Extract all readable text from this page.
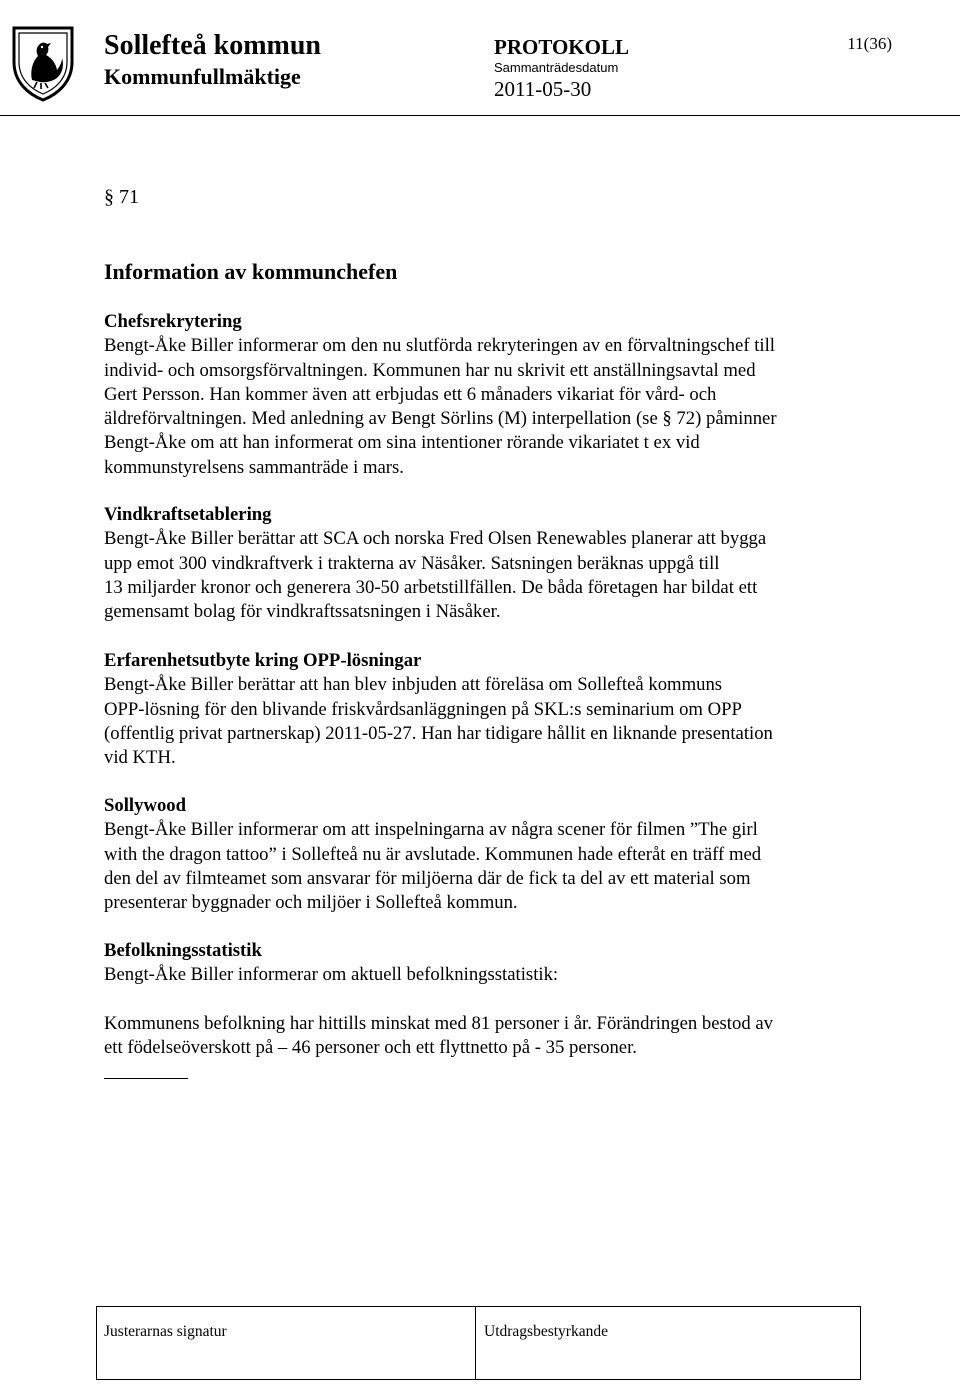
Sollefteå kommun
Kommunfullmäktige
PROTOKOLL
Sammanträdesdatum
2011-05-30
11(36)
§ 71
Information av kommunchefen
Chefsrekrytering
Bengt-Åke Biller informerar om den nu slutförda rekryteringen av en förvaltningschef till
individ- och omsorgsförvaltningen. Kommunen har nu skrivit ett anställningsavtal med
Gert Persson. Han kommer även att erbjudas ett 6 månaders vikariat för vård- och
äldreförvaltningen. Med anledning av Bengt Sörlins (M) interpellation (se § 72) påminner
Bengt-Åke om att han informerat om sina intentioner rörande vikariatet t ex vid
kommunstyrelsens sammanträde i mars.
Vindkraftsetablering
Bengt-Åke Biller berättar att SCA och norska Fred Olsen Renewables planerar att bygga
upp emot 300 vindkraftverk i trakterna av Näsåker. Satsningen beräknas uppgå till
13 miljarder kronor och generera 30-50 arbetstillfällen. De båda företagen har bildat ett
gemensamt bolag för vindkraftssatsningen i Näsåker.
Erfarenhetsutbyte kring OPP-lösningar
Bengt-Åke Biller berättar att han blev inbjuden att föreläsa om Sollefteå kommuns
OPP-lösning för den blivande friskvårdsanläggningen på SKL:s seminarium om OPP
(offentlig privat partnerskap) 2011-05-27. Han har tidigare hållit en liknande presentation
vid KTH.
Sollywood
Bengt-Åke Biller informerar om att inspelningarna av några scener för filmen ”The girl
with the dragon tattoo” i Sollefteå nu är avslutade. Kommunen hade efteråt en träff med
den del av filmteamet som ansvarar för miljöerna där de fick ta del av ett material som
presenterar byggnader och miljöer i Sollefteå kommun.
Befolkningsstatistik
Bengt-Åke Biller informerar om aktuell befolkningsstatistik:
Kommunens befolkning har hittills minskat med 81 personer i år. Förändringen bestod av
ett födelseöverskott på – 46 personer och ett flyttnetto på - 35 personer.
Justerarnas signatur	Utdragsbestyrkande
